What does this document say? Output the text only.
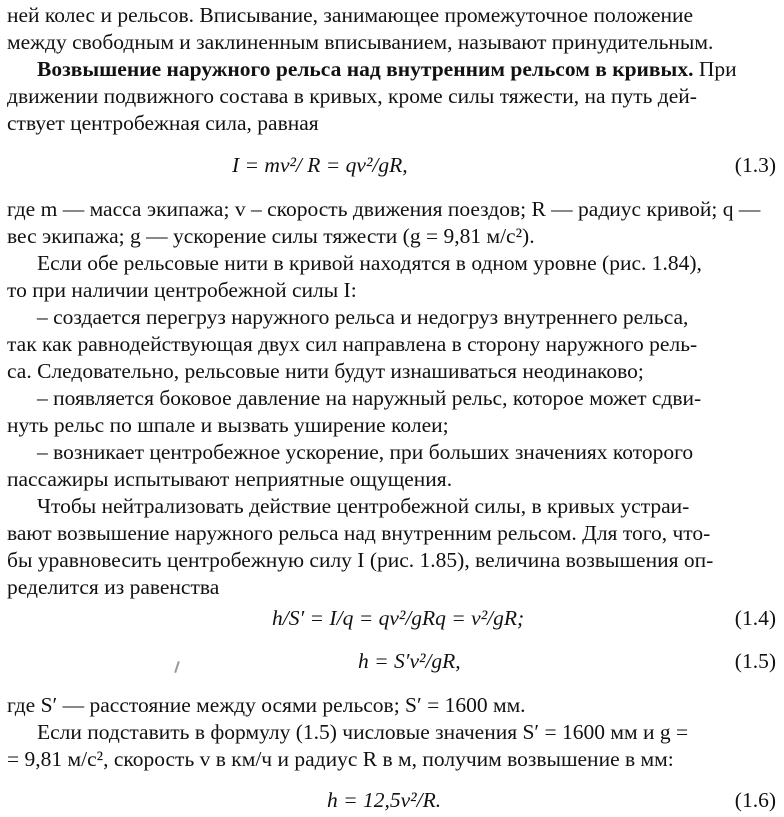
ней колес и рельсов. Вписывание, занимающее промежуточное положение
между свободным и заклиненным вписыванием, называют принудительным.
Возвышение наружного рельса над внутренним рельсом в кривых. При
движении подвижного состава в кривых, кроме силы тяжести, на путь дей-
ствует центробежная сила, равная
I = mv²/ R = qv²/gR,	(1.3)
где m — масса экипажа; v – скорость движения поездов; R — радиус кривой; q —
вес экипажа; g — ускорение силы тяжести (g = 9,81 м/с²).
Если обе рельсовые нити в кривой находятся в одном уровне (рис. 1.84),
то при наличии центробежной силы I:
– создается перегруз наружного рельса и недогруз внутреннего рельса,
так как равнодействующая двух сил направлена в сторону наружного рель-
са. Следовательно, рельсовые нити будут изнашиваться неодинаково;
– появляется боковое давление на наружный рельс, которое может сдви-
нуть рельс по шпале и вызвать уширение колеи;
– возникает центробежное ускорение, при больших значениях которого
пассажиры испытывают неприятные ощущения.
Чтобы нейтрализовать действие центробежной силы, в кривых устраи-
вают возвышение наружного рельса над внутренним рельсом. Для того, что-
бы уравновесить центробежную силу I (рис. 1.85), величина возвышения оп-
ределится из равенства
h/S′ = I/q = qv²/gRq = v²/gR;	(1.4)
h = S′v²/gR,	(1.5)
где S′ — расстояние между осями рельсов; S′ = 1600 мм.
Если подставить в формулу (1.5) числовые значения S′ = 1600 мм и g =
= 9,81 м/с², скорость v в км/ч и радиус R в м, получим возвышение в мм:
h = 12,5v²/R.	(1.6)
